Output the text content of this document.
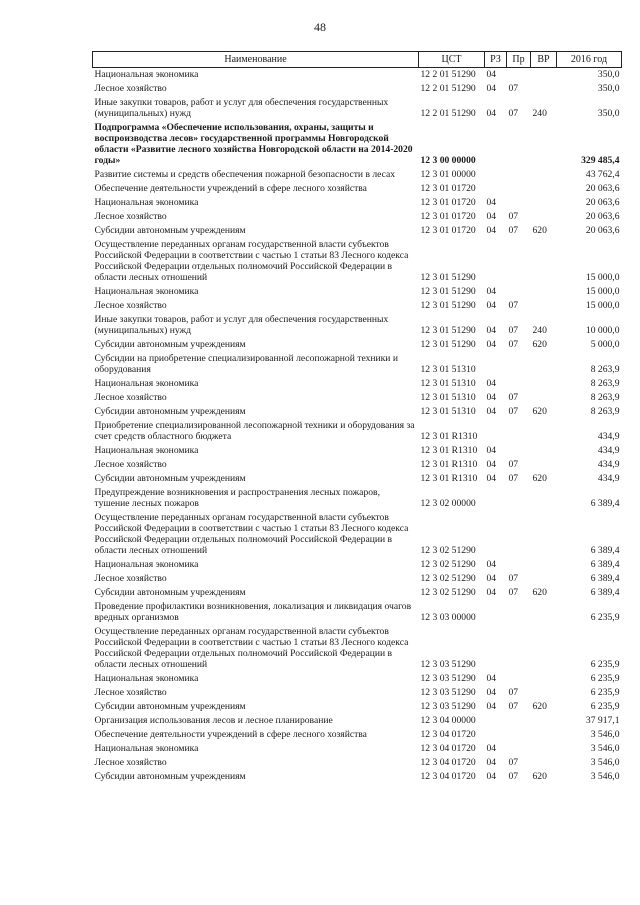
48
Наименование	ЦСТ	РЗ	Пр	ВР	2016 год
Национальная экономика	12 2 01 51290	04			350,0
Лесное хозяйство	12 2 01 51290	04	07		350,0
Иные закупки товаров, работ и услуг для обеспечения государственных (муниципальных) нужд	12 2 01 51290	04	07	240	350,0
Подпрограмма «Обеспечение использования, охраны, защиты и воспроизводства лесов» государственной программы Новгородской области «Развитие лесного хозяйства Новгородской области на 2014-2020 годы»	12 3 00 00000				329 485,4
Развитие системы и средств обеспечения пожарной безопасности в лесах	12 3 01 00000				43 762,4
Обеспечение деятельности учреждений в сфере лесного хозяйства	12 3 01 01720				20 063,6
Национальная экономика	12 3 01 01720	04			20 063,6
Лесное хозяйство	12 3 01 01720	04	07		20 063,6
Субсидии автономным учреждениям	12 3 01 01720	04	07	620	20 063,6
Осуществление переданных органам государственной власти субъектов Российской Федерации в соответствии с частью 1 статьи 83 Лесного кодекса Российской Федерации отдельных полномочий Российской Федерации в области лесных отношений	12 3 01 51290				15 000,0
Национальная экономика	12 3 01 51290	04			15 000,0
Лесное хозяйство	12 3 01 51290	04	07		15 000,0
Иные закупки товаров, работ и услуг для обеспечения государственных (муниципальных) нужд	12 3 01 51290	04	07	240	10 000,0
Субсидии автономным учреждениям	12 3 01 51290	04	07	620	5 000,0
Субсидии на приобретение специализированной лесопожарной техники и оборудования	12 3 01 51310				8 263,9
Национальная экономика	12 3 01 51310	04			8 263,9
Лесное хозяйство	12 3 01 51310	04	07		8 263,9
Субсидии автономным учреждениям	12 3 01 51310	04	07	620	8 263,9
Приобретение специализированной лесопожарной техники и оборудования за счет средств областного бюджета	12 3 01 R1310				434,9
Национальная экономика	12 3 01 R1310	04			434,9
Лесное хозяйство	12 3 01 R1310	04	07		434,9
Субсидии автономным учреждениям	12 3 01 R1310	04	07	620	434,9
Предупреждение возникновения и распространения лесных пожаров, тушение лесных пожаров	12 3 02 00000				6 389,4
Осуществление переданных органам государственной власти субъектов Российской Федерации в соответствии с частью 1 статьи 83 Лесного кодекса Российской Федерации отдельных полномочий Российской Федерации в области лесных отношений	12 3 02 51290				6 389,4
Национальная экономика	12 3 02 51290	04			6 389,4
Лесное хозяйство	12 3 02 51290	04	07		6 389,4
Субсидии автономным учреждениям	12 3 02 51290	04	07	620	6 389,4
Проведение профилактики возникновения, локализация и ликвидация очагов вредных организмов	12 3 03 00000				6 235,9
Осуществление переданных органам государственной власти субъектов Российской Федерации в соответствии с частью 1 статьи 83 Лесного кодекса Российской Федерации отдельных полномочий Российской Федерации в области лесных отношений	12 3 03 51290				6 235,9
Национальная экономика	12 3 03 51290	04			6 235,9
Лесное хозяйство	12 3 03 51290	04	07		6 235,9
Субсидии автономным учреждениям	12 3 03 51290	04	07	620	6 235,9
Организация использования лесов и лесное планирование	12 3 04 00000				37 917,1
Обеспечение деятельности учреждений в сфере лесного хозяйства	12 3 04 01720				3 546,0
Национальная экономика	12 3 04 01720	04			3 546,0
Лесное хозяйство	12 3 04 01720	04	07		3 546,0
Субсидии автономным учреждениям	12 3 04 01720	04	07	620	3 546,0
